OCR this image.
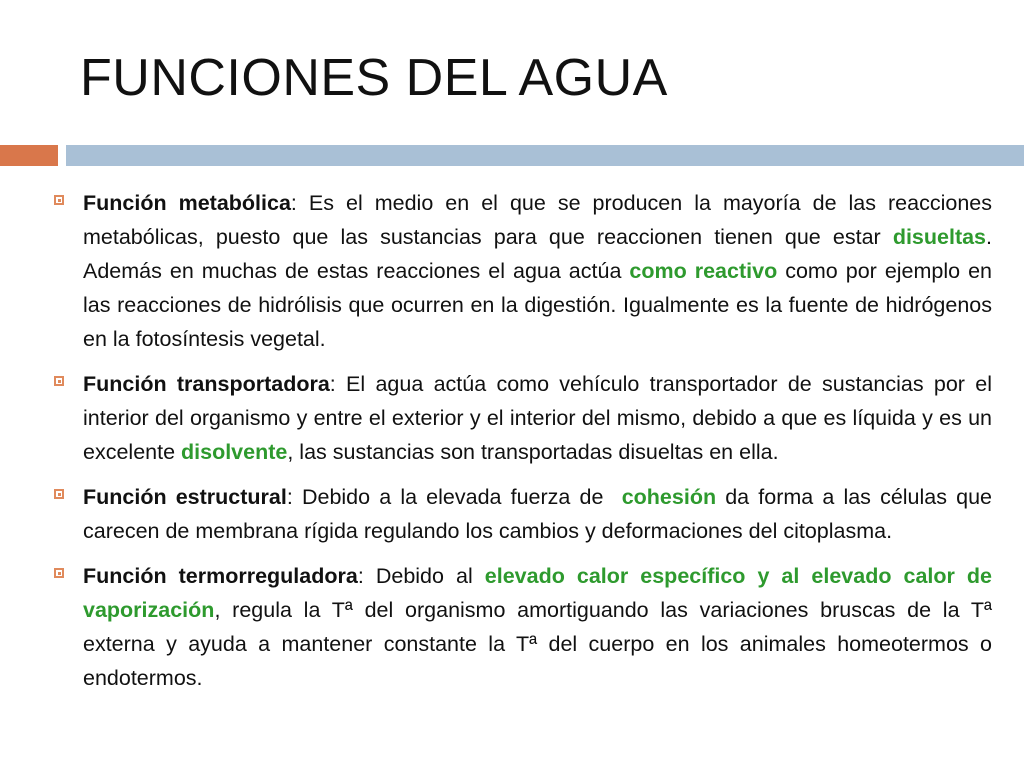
FUNCIONES DEL AGUA

Función metabólica: Es el medio en el que se producen la mayoría de las reacciones metabólicas, puesto que las sustancias para que reaccionen tienen que estar disueltas. Además en muchas de estas reacciones el agua actúa como reactivo como por ejemplo en las reacciones de hidrólisis que ocurren en la digestión. Igualmente es la fuente de hidrógenos en la fotosíntesis vegetal.

Función transportadora: El agua actúa como vehículo transportador de sustancias por el interior del organismo y entre el exterior y el interior del mismo, debido a que es líquida y es un excelente disolvente, las sustancias son transportadas disueltas en ella.

Función estructural: Debido a la elevada fuerza de  cohesión da forma a las células que carecen de membrana rígida regulando los cambios y deformaciones del citoplasma.

Función termorreguladora: Debido al elevado calor específico y al elevado calor de vaporización, regula la Tª del organismo amortiguando las variaciones bruscas de la Tª externa y ayuda a mantener constante la Tª del cuerpo en los animales homeotermos o endotermos.
